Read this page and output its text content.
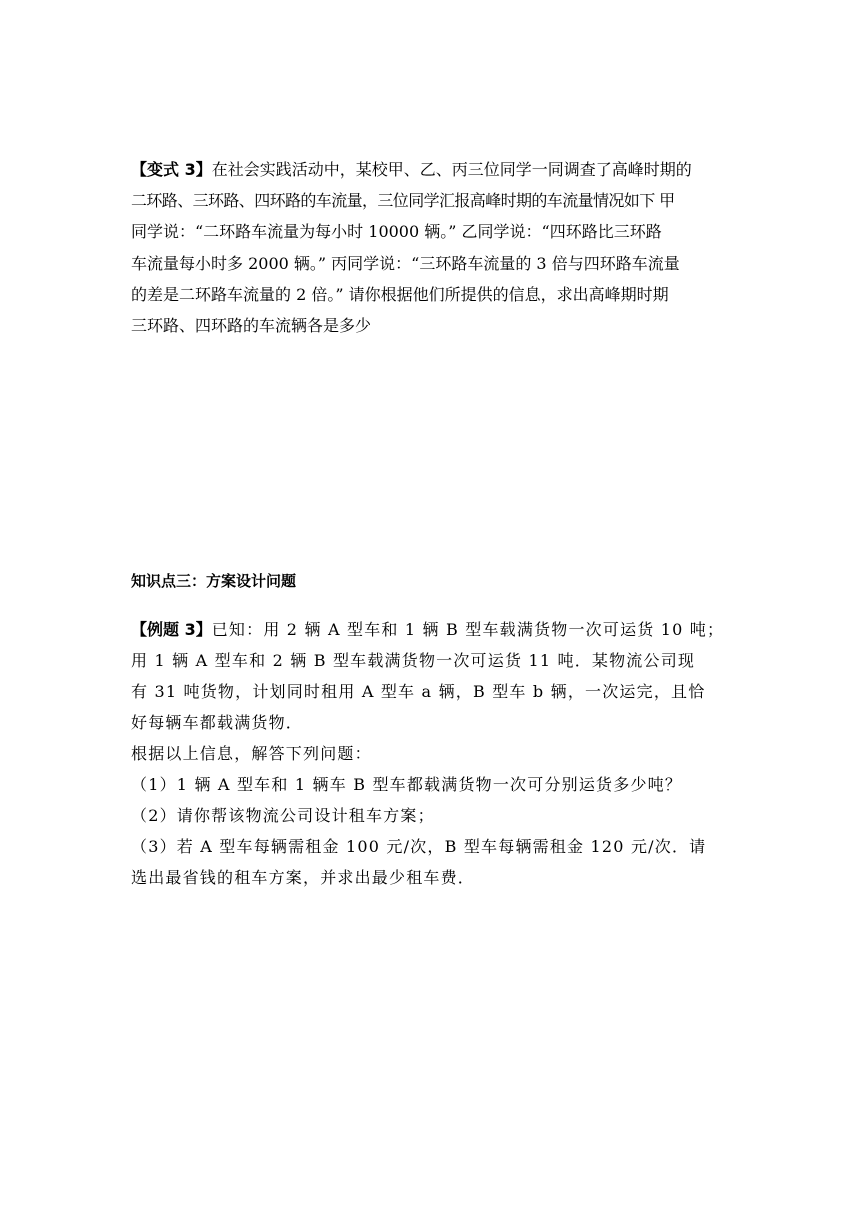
【变式 3】在社会实践活动中，某校甲、乙、丙三位同学一同调查了高峰时期的
二环路、三环路、四环路的车流量，三位同学汇报高峰时期的车流量情况如下 甲
同学说：“二环路车流量为每小时 10000 辆。” 乙同学说：“四环路比三环路
车流量每小时多 2000 辆。” 丙同学说：“三环路车流量的 3 倍与四环路车流量
的差是二环路车流量的 2 倍。” 请你根据他们所提供的信息，求出高峰期时期
三环路、四环路的车流辆各是多少
知识点三：方案设计问题
【例题 3】已知：用 2 辆 A 型车和 1 辆 B 型车载满货物一次可运货 10 吨；
用 1 辆 A 型车和 2 辆 B 型车载满货物一次可运货 11 吨．某物流公司现
有 31 吨货物，计划同时租用 A 型车 a 辆，B 型车 b 辆，一次运完，且恰
好每辆车都载满货物．
根据以上信息，解答下列问题：
（1）1 辆 A 型车和 1 辆车 B 型车都载满货物一次可分别运货多少吨？
（2）请你帮该物流公司设计租车方案；
（3）若 A 型车每辆需租金 100 元/次，B 型车每辆需租金 120 元/次．请
选出最省钱的租车方案，并求出最少租车费．
